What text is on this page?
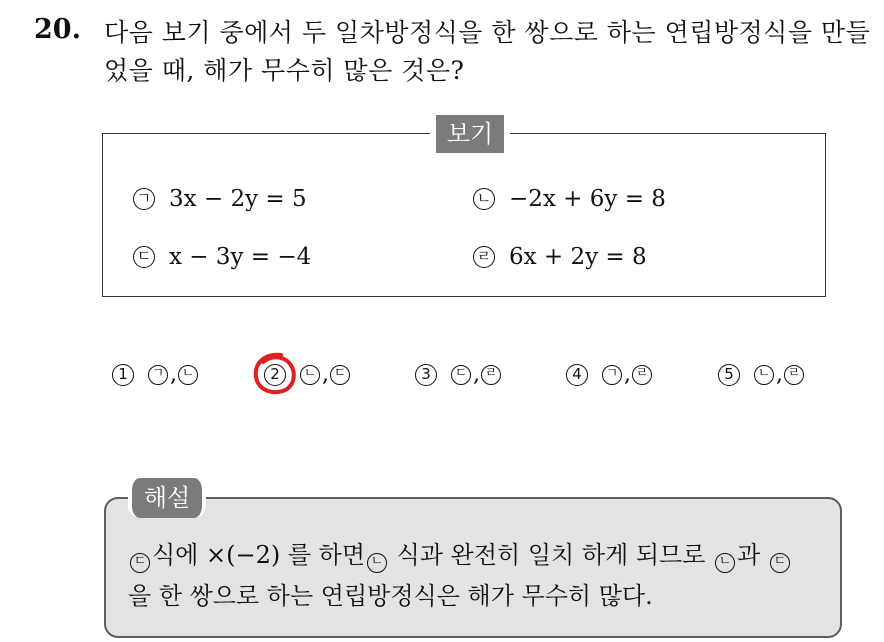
20. 다음 보기 중에서 두 일차방정식을 한 쌍으로 하는 연립방정식을 만들었을 때, 해가 무수히 많은 것은?
보기
ㄱ 3x − 2y = 5	ㄴ −2x + 6y = 8
ㄷ x − 3y = −4	ㄹ 6x + 2y = 8
1	ㄱ , ㄴ	2	ㄴ , ㄷ	3	ㄷ , ㄹ	4	ㄱ , ㄹ	5	ㄴ , ㄹ
해설
ㄷ 식에 ×(−2) 를 하면 ㄴ 식과 완전히 일치 하게 되므로 ㄴ 과 ㄷ
을 한 쌍으로 하는 연립방정식은 해가 무수히 많다.
